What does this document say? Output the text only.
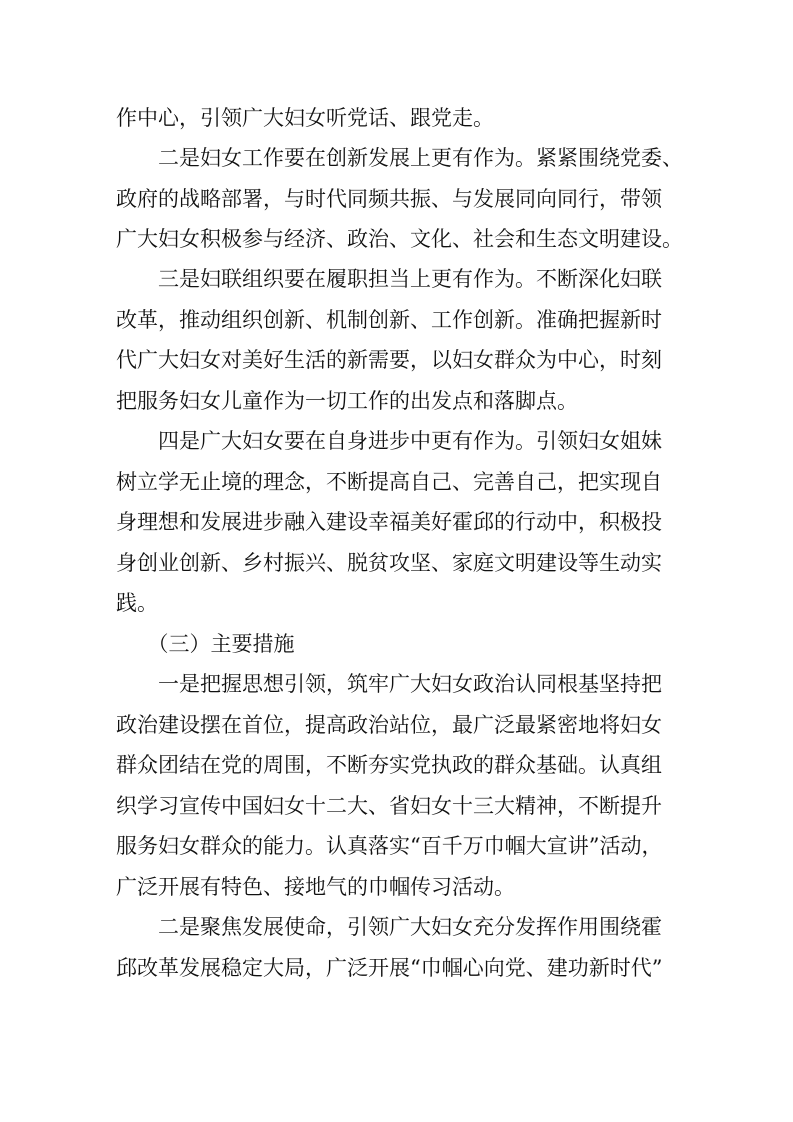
作中心，引领广大妇女听党话、跟党走。
　　二是妇女工作要在创新发展上更有作为。紧紧围绕党委、
政府的战略部署，与时代同频共振、与发展同向同行，带领
广大妇女积极参与经济、政治、文化、社会和生态文明建设。
　　三是妇联组织要在履职担当上更有作为。不断深化妇联
改革，推动组织创新、机制创新、工作创新。准确把握新时
代广大妇女对美好生活的新需要，以妇女群众为中心，时刻
把服务妇女儿童作为一切工作的出发点和落脚点。
　　四是广大妇女要在自身进步中更有作为。引领妇女姐妹
树立学无止境的理念，不断提高自己、完善自己，把实现自
身理想和发展进步融入建设幸福美好霍邱的行动中，积极投
身创业创新、乡村振兴、脱贫攻坚、家庭文明建设等生动实
践。
　　（三）主要措施
　　一是把握思想引领，筑牢广大妇女政治认同根基坚持把
政治建设摆在首位，提高政治站位，最广泛最紧密地将妇女
群众团结在党的周围，不断夯实党执政的群众基础。认真组
织学习宣传中国妇女十二大、省妇女十三大精神，不断提升
服务妇女群众的能力。认真落实“百千万巾帼大宣讲”活动，
广泛开展有特色、接地气的巾帼传习活动。
　　二是聚焦发展使命，引领广大妇女充分发挥作用围绕霍
邱改革发展稳定大局，广泛开展“巾帼心向党、建功新时代”
